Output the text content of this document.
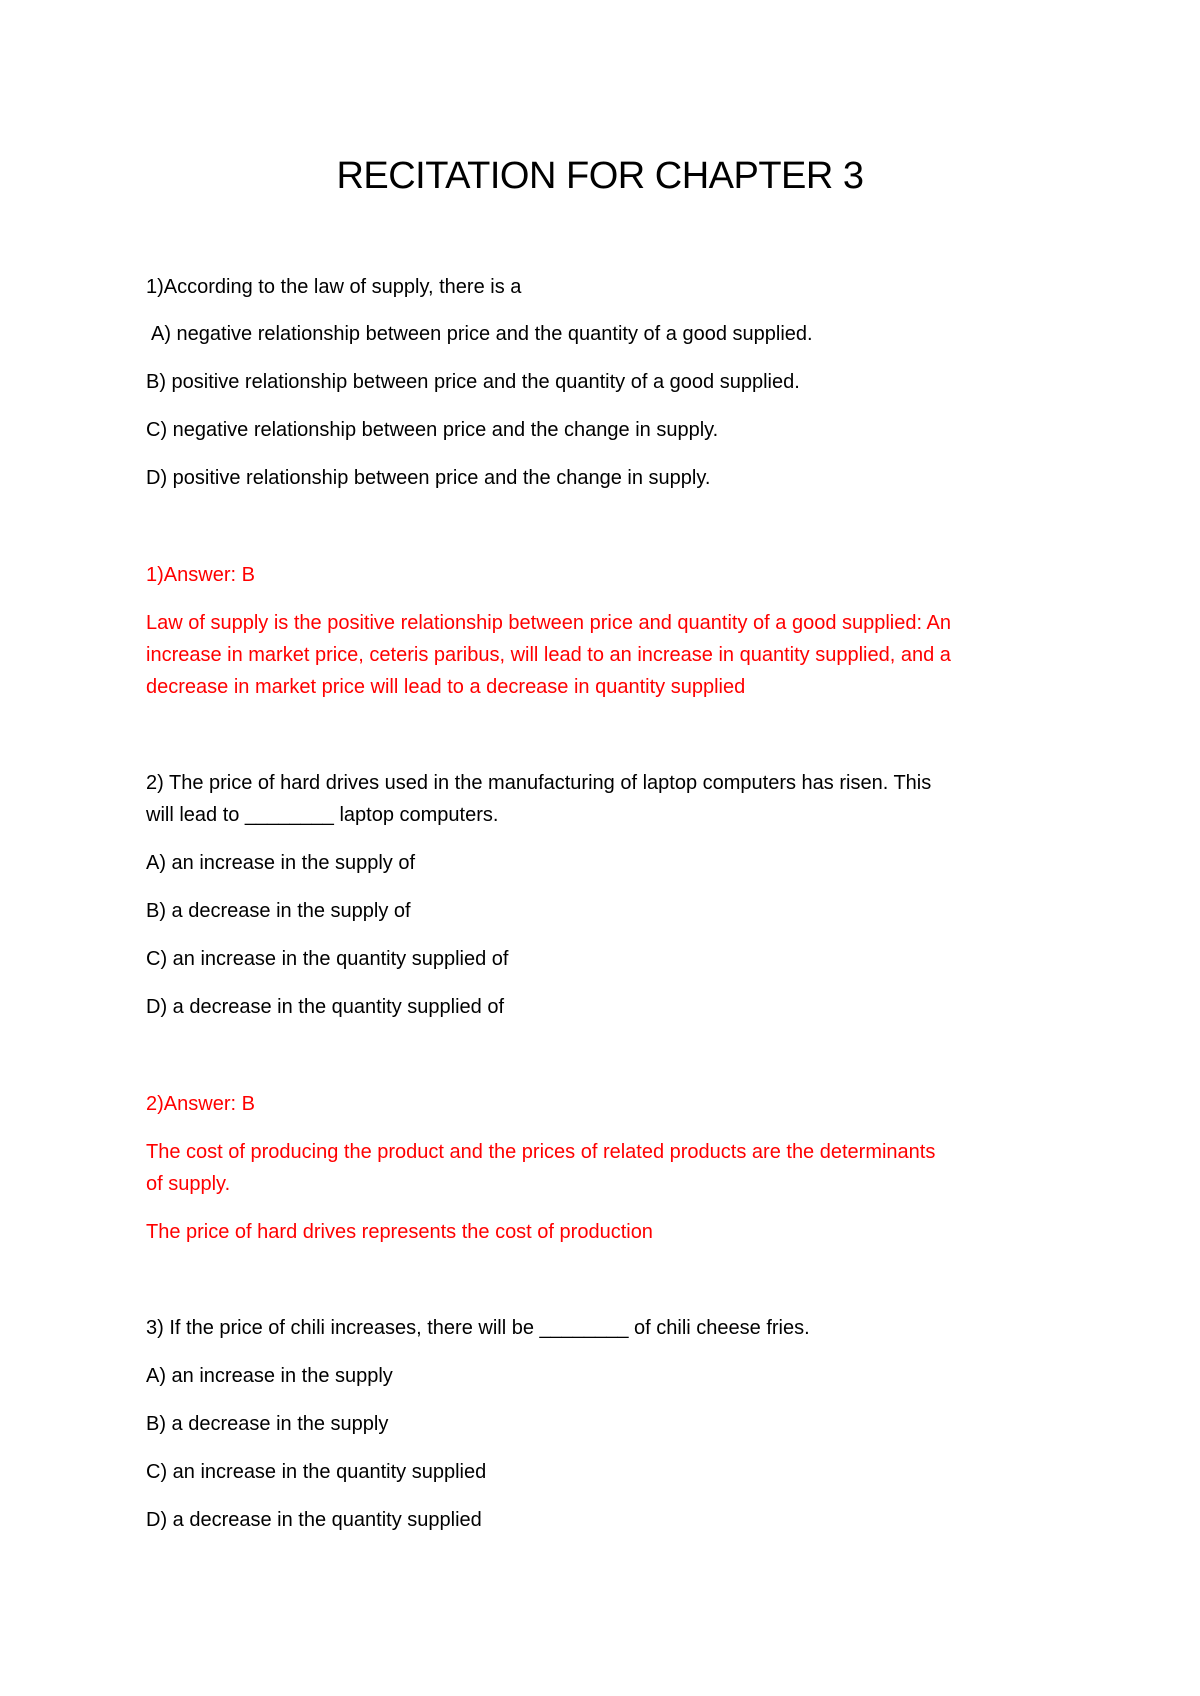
RECITATION FOR CHAPTER 3
1)According to the law of supply, there is a
A) negative relationship between price and the quantity of a good supplied.
B) positive relationship between price and the quantity of a good supplied.
C) negative relationship between price and the change in supply.
D) positive relationship between price and the change in supply.
1)Answer: B
Law of supply is the positive relationship between price and quantity of a good supplied: An
increase in market price, ceteris paribus, will lead to an increase in quantity supplied, and a
decrease in market price will lead to a decrease in quantity supplied
2) The price of hard drives used in the manufacturing of laptop computers has risen. This
will lead to ________ laptop computers.
A) an increase in the supply of
B) a decrease in the supply of
C) an increase in the quantity supplied of
D) a decrease in the quantity supplied of
2)Answer: B
The cost of producing the product and the prices of related products are the determinants
of supply.
The price of hard drives represents the cost of production
3) If the price of chili increases, there will be ________ of chili cheese fries.
A) an increase in the supply
B) a decrease in the supply
C) an increase in the quantity supplied
D) a decrease in the quantity supplied
